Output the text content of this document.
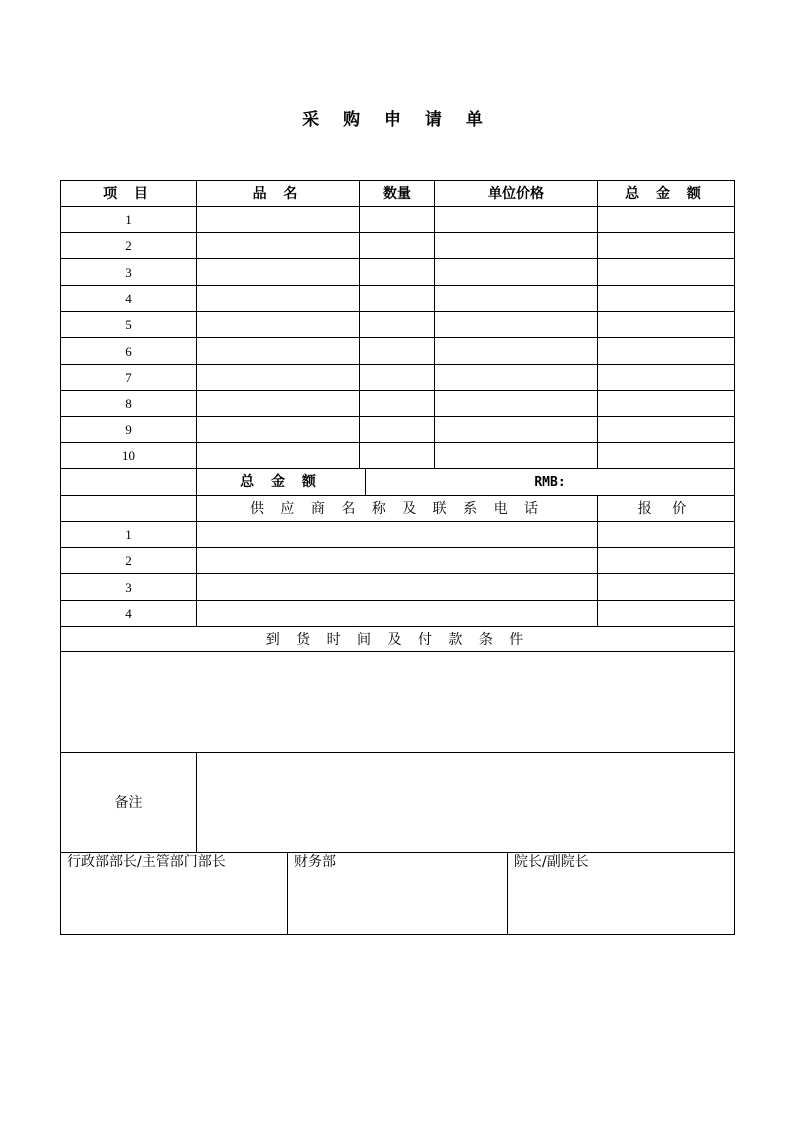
采 购 申 请 单
项 目	品 名	数量	单位价格	总 金 额
1
2
3
4
5
6
7
8
9
10
总 金 额	RMB:
供 应 商 名 称 及 联 系 电 话	报 价
1
2
3
4
到 货 时 间 及 付 款 条 件
备注
行政部部长/主管部门部长	财务部	院长/副院长
